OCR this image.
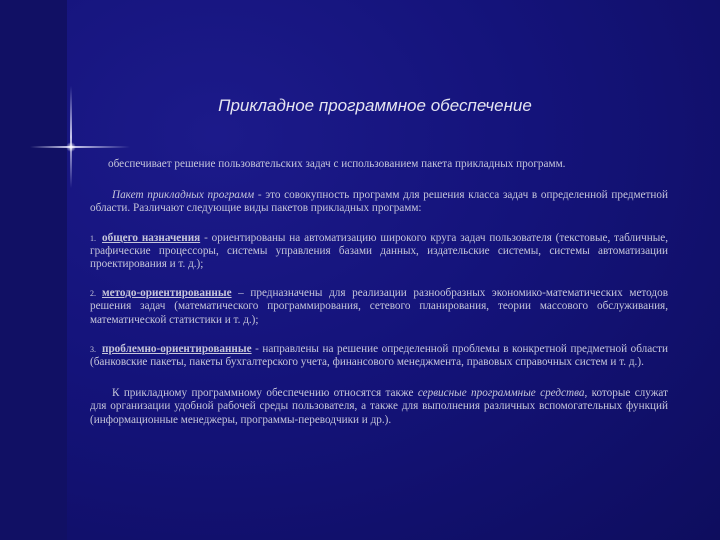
Прикладное программное обеспечение

обеспечивает решение пользовательских задач с использованием пакета прикладных программ.

Пакет прикладных программ - это совокупность программ для решения класса задач в определенной предметной области. Различают следующие виды пакетов прикладных программ:

1. общего назначения - ориентированы на автоматизацию широкого круга задач пользователя (текстовые, табличные, графические процессоры, системы управления базами данных, издательские системы, системы автоматизации проектирования и т. д.);

2. методо-ориентированные – предназначены для реализации разнообразных экономико-математических методов решения задач (математического программирования, сетевого планирования, теории массового обслуживания, математической статистики и т. д.);

3. проблемно-ориентированные - направлены на решение определенной проблемы в конкретной предметной области (банковские пакеты, пакеты бухгалтерского учета, финансового менеджмента, правовых справочных систем и т. д.).

К прикладному программному обеспечению относятся также сервисные программные средства, которые служат для организации удобной рабочей среды пользователя, а также для выполнения различных вспомогательных функций (информационные менеджеры, программы-переводчики и др.).
